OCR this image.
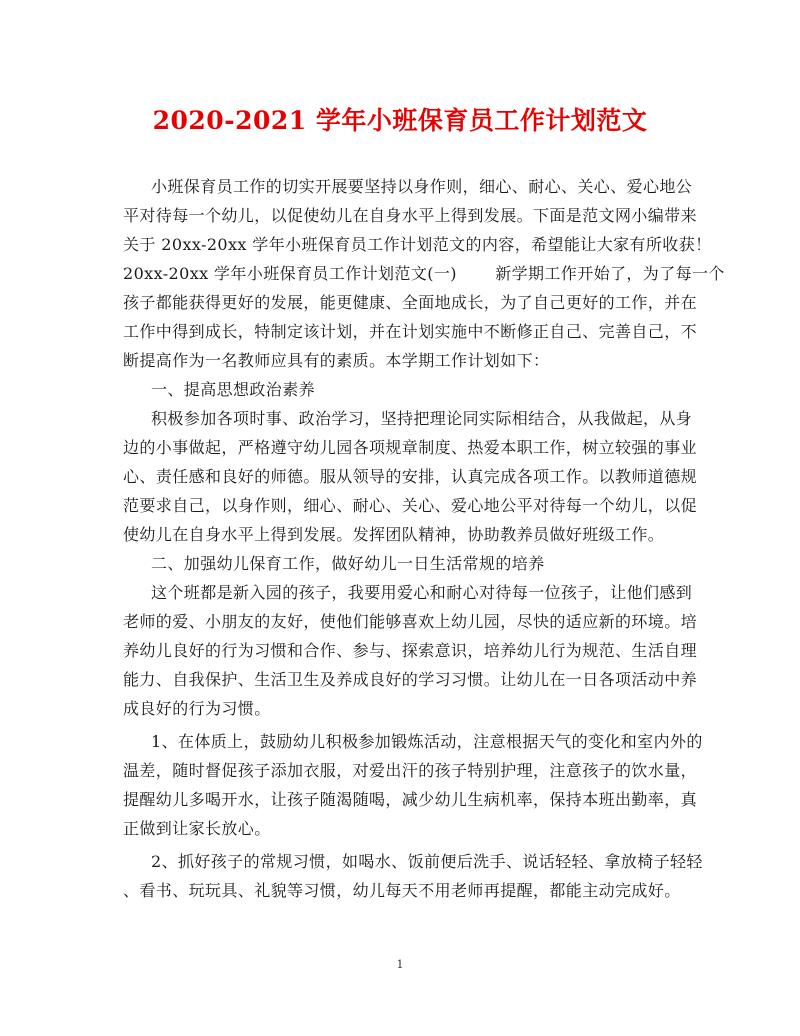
2020-2021 学年小班保育员工作计划范文
小班保育员工作的切实开展要坚持以身作则，细心、耐心、关心、爱心地公
平对待每一个幼儿，以促使幼儿在自身水平上得到发展。下面是范文网小编带来
关于 20xx-20xx 学年小班保育员工作计划范文的内容，希望能让大家有所收获！
20xx-20xx 学年小班保育员工作计划范文(一)　　 新学期工作开始了，为了每一个
孩子都能获得更好的发展，能更健康、全面地成长，为了自己更好的工作，并在
工作中得到成长，特制定该计划，并在计划实施中不断修正自己、完善自己，不
断提高作为一名教师应具有的素质。本学期工作计划如下：
一、提高思想政治素养
积极参加各项时事、政治学习，坚持把理论同实际相结合，从我做起，从身
边的小事做起，严格遵守幼儿园各项规章制度、热爱本职工作，树立较强的事业
心、责任感和良好的师德。服从领导的安排，认真完成各项工作。以教师道德规
范要求自己，以身作则，细心、耐心、关心、爱心地公平对待每一个幼儿，以促
使幼儿在自身水平上得到发展。发挥团队精神，协助教养员做好班级工作。
二、加强幼儿保育工作，做好幼儿一日生活常规的培养
这个班都是新入园的孩子，我要用爱心和耐心对待每一位孩子，让他们感到
老师的爱、小朋友的友好，使他们能够喜欢上幼儿园，尽快的适应新的环境。培
养幼儿良好的行为习惯和合作、参与、探索意识，培养幼儿行为规范、生活自理
能力、自我保护、生活卫生及养成良好的学习习惯。让幼儿在一日各项活动中养
成良好的行为习惯。
1、在体质上，鼓励幼儿积极参加锻炼活动，注意根据天气的变化和室内外的
温差，随时督促孩子添加衣服，对爱出汗的孩子特别护理，注意孩子的饮水量，
提醒幼儿多喝开水，让孩子随渴随喝，减少幼儿生病机率，保持本班出勤率，真
正做到让家长放心。
2、抓好孩子的常规习惯，如喝水、饭前便后洗手、说话轻轻、拿放椅子轻轻
、看书、玩玩具、礼貌等习惯，幼儿每天不用老师再提醒，都能主动完成好。
1
